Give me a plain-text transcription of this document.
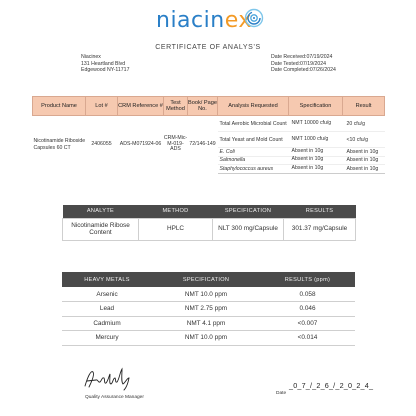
niacinex
CERTIFICATE OF ANALYS’S
Niacinex
131 Heartland Blvd
Edgewood NY-11717
Date Received:07/19/2024
Date Tested:07/19/2024
Date Completed:07/26/2024
Product Name	Lot #	CRM Reference #	Test Method	Book/ Page No.	Analysis Requested	Specification	Result
Nicotinamide Riboside Capsules 60 CT	2406055	ADS-M071924-06	CRM-Mic-M-019-ADS	72/146-149	Total Aerobic Microbial Count	NMT 10000 cfu/g	20 cfu/g
					Total Yeast and Mold Count	NMT 1000 cfu/g	<10 cfu/g
					E. Coli	Absent in 10g	Absent in 10g
					Salmonella	Absent in 10g	Absent in 10g
					Staphylococcus aureus	Absent in 10g	Absent in 10g
ANALYTE	METHOD	SPECIFICATION	RESULTS
Nicotinamide Ribose Content	HPLC	NLT 300 mg/Capsule	301.37 mg/Capsule
HEAVY METALS	SPECIFICATION	RESULTS (ppm)
Arsenic	NMT 10.0 ppm	0.058
Lead	NMT 2.75 ppm	0.046
Cadmium	NMT 4.1 ppm	<0.007
Mercury	NMT 10.0 ppm	<0.014
Quality Assurance Manager
_0_7_/_2_6_/_2_0_2_4_
Date
